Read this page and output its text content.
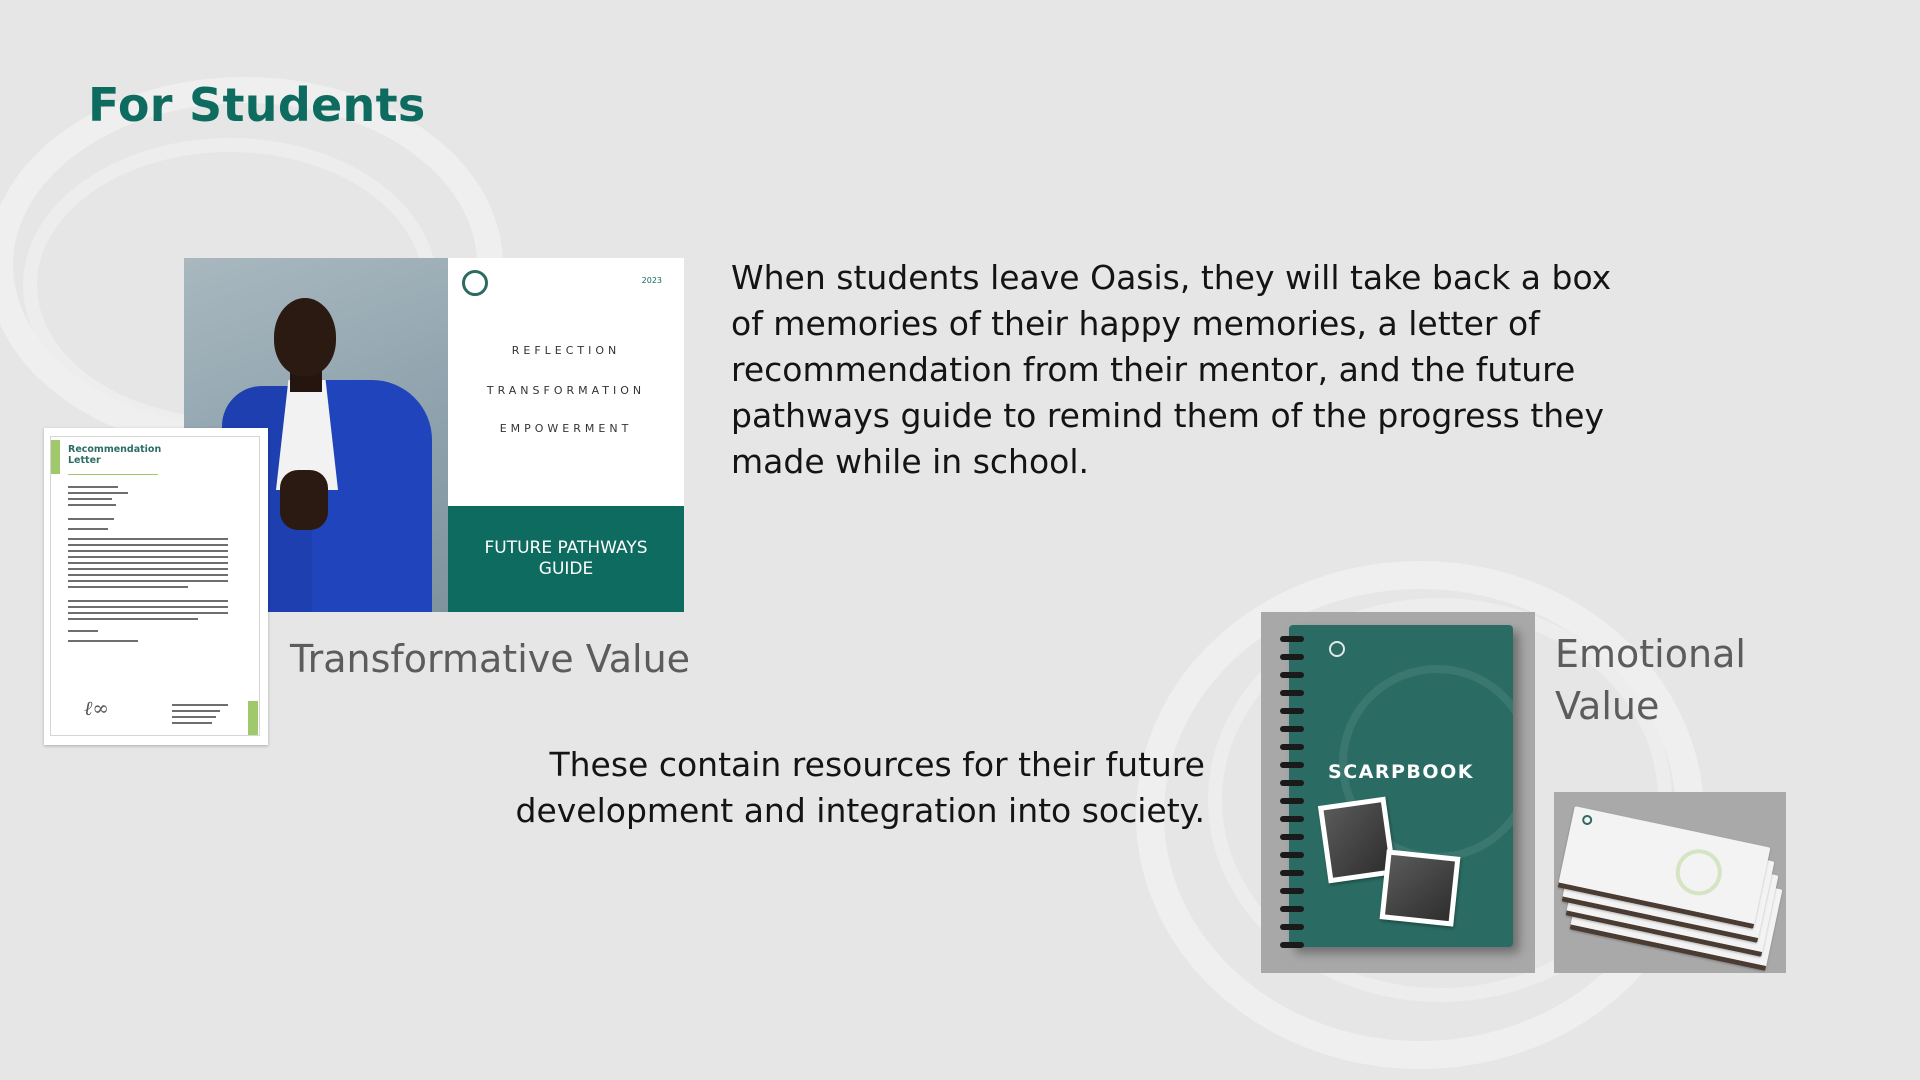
For Students
2023
REFLECTION
TRANSFORMATION
EMPOWERMENT
FUTURE PATHWAYS GUIDE
Recommendation Letter
ℓ∞

When students leave Oasis, they will take back a box of memories of their happy memories, a letter of recommendation from their mentor, and the future pathways guide to remind them of the progress they made while in school.

Transformative Value

These contain resources for their future development and integration into society.

SCARPBOOK
Emotional Value
